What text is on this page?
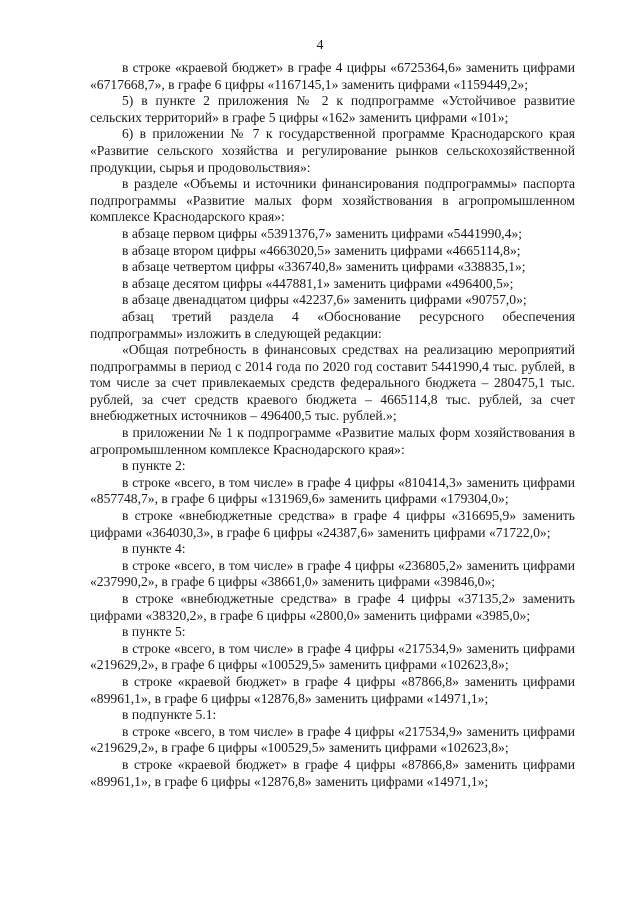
4

в строке «краевой бюджет» в графе 4 цифры «6725364,6» заменить цифрами «6717668,7», в графе 6 цифры «1167145,1» заменить цифрами «1159449,2»;

5) в пункте 2 приложения № 2 к подпрограмме «Устойчивое развитие сельских территорий» в графе 5 цифры «162» заменить цифрами «101»;

6) в приложении № 7 к государственной программе Краснодарского края «Развитие сельского хозяйства и регулирование рынков сельскохозяйственной продукции, сырья и продовольствия»:

в разделе «Объемы и источники финансирования подпрограммы» паспорта подпрограммы «Развитие малых форм хозяйствования в агропромышленном комплексе Краснодарского края»:

в абзаце первом цифры «5391376,7» заменить цифрами «5441990,4»;

в абзаце втором цифры «4663020,5» заменить цифрами «4665114,8»;

в абзаце четвертом цифры «336740,8» заменить цифрами «338835,1»;

в абзаце десятом цифры «447881,1» заменить цифрами «496400,5»;

в абзаце двенадцатом цифры «42237,6» заменить цифрами «90757,0»;

абзац третий раздела 4 «Обоснование ресурсного обеспечения подпрограммы» изложить в следующей редакции:

«Общая потребность в финансовых средствах на реализацию мероприятий подпрограммы в период с 2014 года по 2020 год составит 5441990,4 тыс. рублей, в том числе за счет привлекаемых средств федерального бюджета – 280475,1 тыс. рублей, за счет средств краевого бюджета – 4665114,8 тыс. рублей, за счет внебюджетных источников – 496400,5 тыс. рублей.»;

в приложении № 1 к подпрограмме «Развитие малых форм хозяйствования в агропромышленном комплексе Краснодарского края»:

в пункте 2:

в строке «всего, в том числе» в графе 4 цифры «810414,3» заменить цифрами «857748,7», в графе 6 цифры «131969,6» заменить цифрами «179304,0»;

в строке «внебюджетные средства» в графе 4 цифры «316695,9» заменить цифрами «364030,3», в графе 6 цифры «24387,6» заменить цифрами «71722,0»;

в пункте 4:

в строке «всего, в том числе» в графе 4 цифры «236805,2» заменить цифрами «237990,2», в графе 6 цифры «38661,0» заменить цифрами «39846,0»;

в строке «внебюджетные средства» в графе 4 цифры «37135,2» заменить цифрами «38320,2», в графе 6 цифры «2800,0» заменить цифрами «3985,0»;

в пункте 5:

в строке «всего, в том числе» в графе 4 цифры «217534,9» заменить цифрами «219629,2», в графе 6 цифры «100529,5» заменить цифрами «102623,8»;

в строке «краевой бюджет» в графе 4 цифры «87866,8» заменить цифрами «89961,1», в графе 6 цифры «12876,8» заменить цифрами «14971,1»;

в подпункте 5.1:

в строке «всего, в том числе» в графе 4 цифры «217534,9» заменить цифрами «219629,2», в графе 6 цифры «100529,5» заменить цифрами «102623,8»;

в строке «краевой бюджет» в графе 4 цифры «87866,8» заменить цифрами «89961,1», в графе 6 цифры «12876,8» заменить цифрами «14971,1»;
